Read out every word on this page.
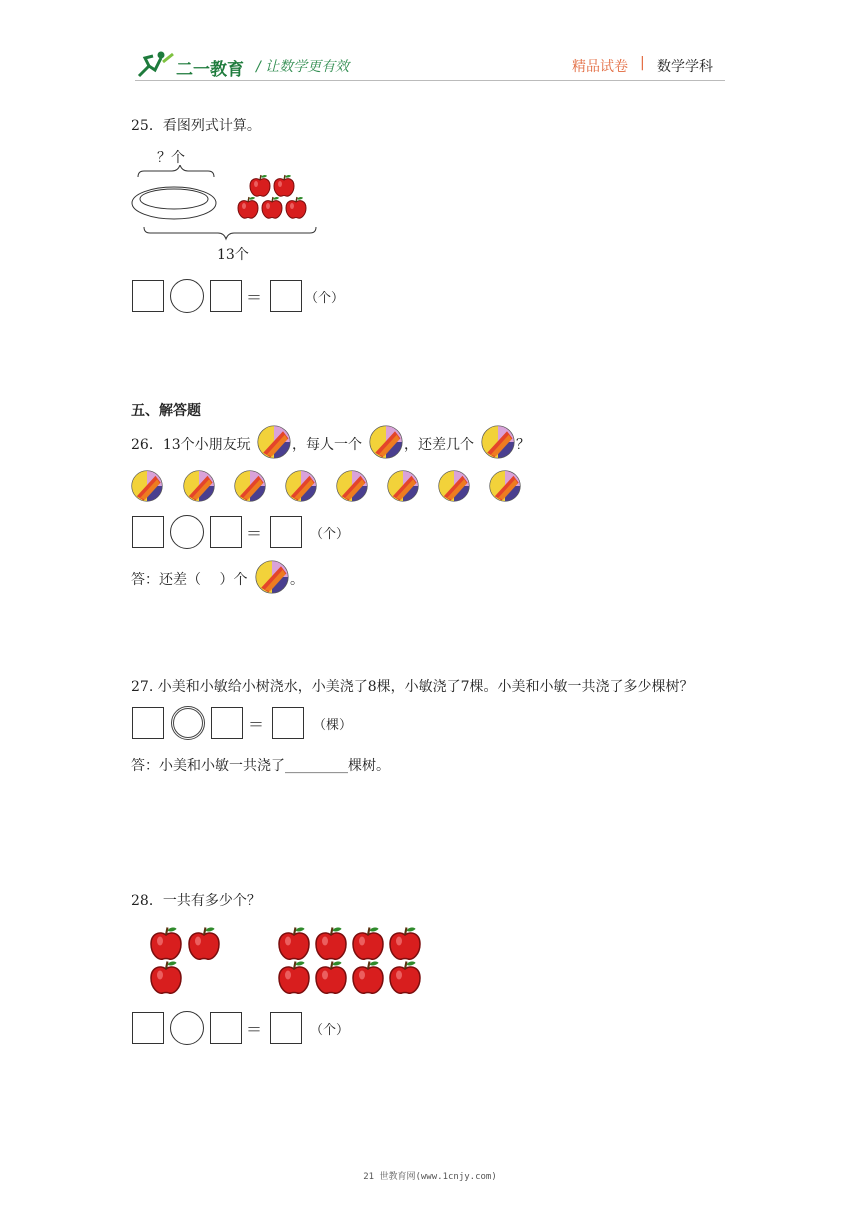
二一教育 / 让数学更有效	精品试卷 | 数学学科
25．看图列式计算。
？个
13个
＝	（个）
五、解答题
26．13个小朋友玩	，每人一个	，还差几个	？
＝	（个）
答：还差（　 ）个	。
27. 小美和小敏给小树浇水，小美浇了8棵，小敏浇了7棵。小美和小敏一共浇了多少棵树？
＝	（棵）
答：小美和小敏一共浇了_________棵树。
28．一共有多少个？
＝	（个）
21 世教育网(www.1cnjy.com)
